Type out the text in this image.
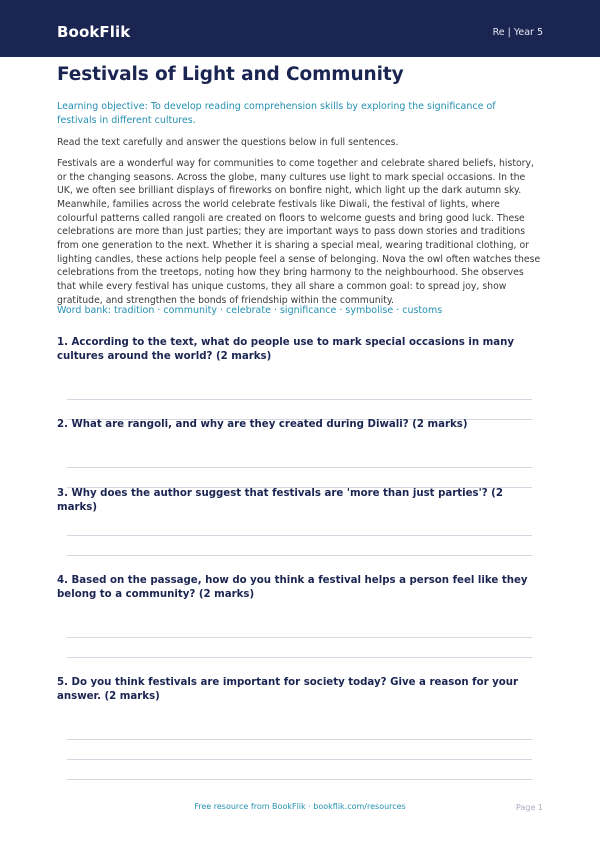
BookFlik	Re | Year 5
Festivals of Light and Community
Learning objective: To develop reading comprehension skills by exploring the significance of festivals in different cultures.
Read the text carefully and answer the questions below in full sentences.
Festivals are a wonderful way for communities to come together and celebrate shared beliefs, history, or the changing seasons. Across the globe, many cultures use light to mark special occasions. In the UK, we often see brilliant displays of fireworks on bonfire night, which light up the dark autumn sky. Meanwhile, families across the world celebrate festivals like Diwali, the festival of lights, where colourful patterns called rangoli are created on floors to welcome guests and bring good luck. These celebrations are more than just parties; they are important ways to pass down stories and traditions from one generation to the next. Whether it is sharing a special meal, wearing traditional clothing, or lighting candles, these actions help people feel a sense of belonging. Nova the owl often watches these celebrations from the treetops, noting how they bring harmony to the neighbourhood. She observes that while every festival has unique customs, they all share a common goal: to spread joy, show gratitude, and strengthen the bonds of friendship within the community.
Word bank: tradition · community · celebrate · significance · symbolise · customs
1. According to the text, what do people use to mark special occasions in many cultures around the world? (2 marks)
2. What are rangoli, and why are they created during Diwali? (2 marks)
3. Why does the author suggest that festivals are 'more than just parties'? (2 marks)
4. Based on the passage, how do you think a festival helps a person feel like they belong to a community? (2 marks)
5. Do you think festivals are important for society today? Give a reason for your answer. (2 marks)
Free resource from BookFlik · bookflik.com/resources	Page 1
